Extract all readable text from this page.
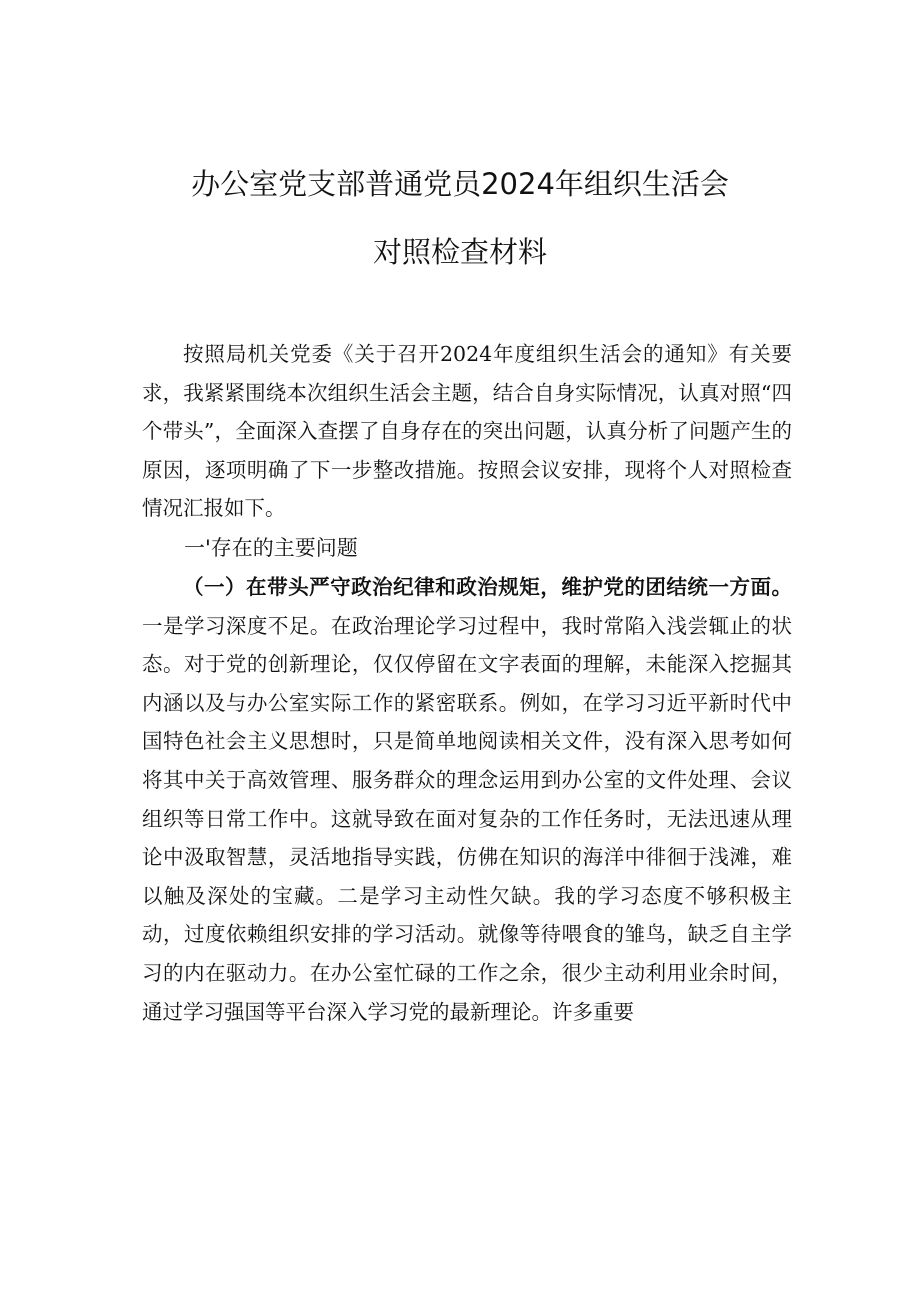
办公室党支部普通党员2024年组织生活会
对照检查材料

按照局机关党委《关于召开2024年度组织生活会的通知》有关要求，我紧紧围绕本次组织生活会主题，结合自身实际情况，认真对照“四个带头”，全面深入查摆了自身存在的突出问题，认真分析了问题产生的原因，逐项明确了下一步整改措施。按照会议安排，现将个人对照检查情况汇报如下。

一'存在的主要问题

（一）在带头严守政治纪律和政治规矩，维护党的团结统一方面。一是学习深度不足。在政治理论学习过程中，我时常陷入浅尝辄止的状态。对于党的创新理论，仅仅停留在文字表面的理解，未能深入挖掘其内涵以及与办公室实际工作的紧密联系。例如，在学习习近平新时代中国特色社会主义思想时，只是简单地阅读相关文件，没有深入思考如何将其中关于高效管理、服务群众的理念运用到办公室的文件处理、会议组织等日常工作中。这就导致在面对复杂的工作任务时，无法迅速从理论中汲取智慧，灵活地指导实践，仿佛在知识的海洋中徘徊于浅滩，难以触及深处的宝藏。二是学习主动性欠缺。我的学习态度不够积极主动，过度依赖组织安排的学习活动。就像等待喂食的雏鸟，缺乏自主学习的内在驱动力。在办公室忙碌的工作之余，很少主动利用业余时间，通过学习强国等平台深入学习党的最新理论。许多重要
